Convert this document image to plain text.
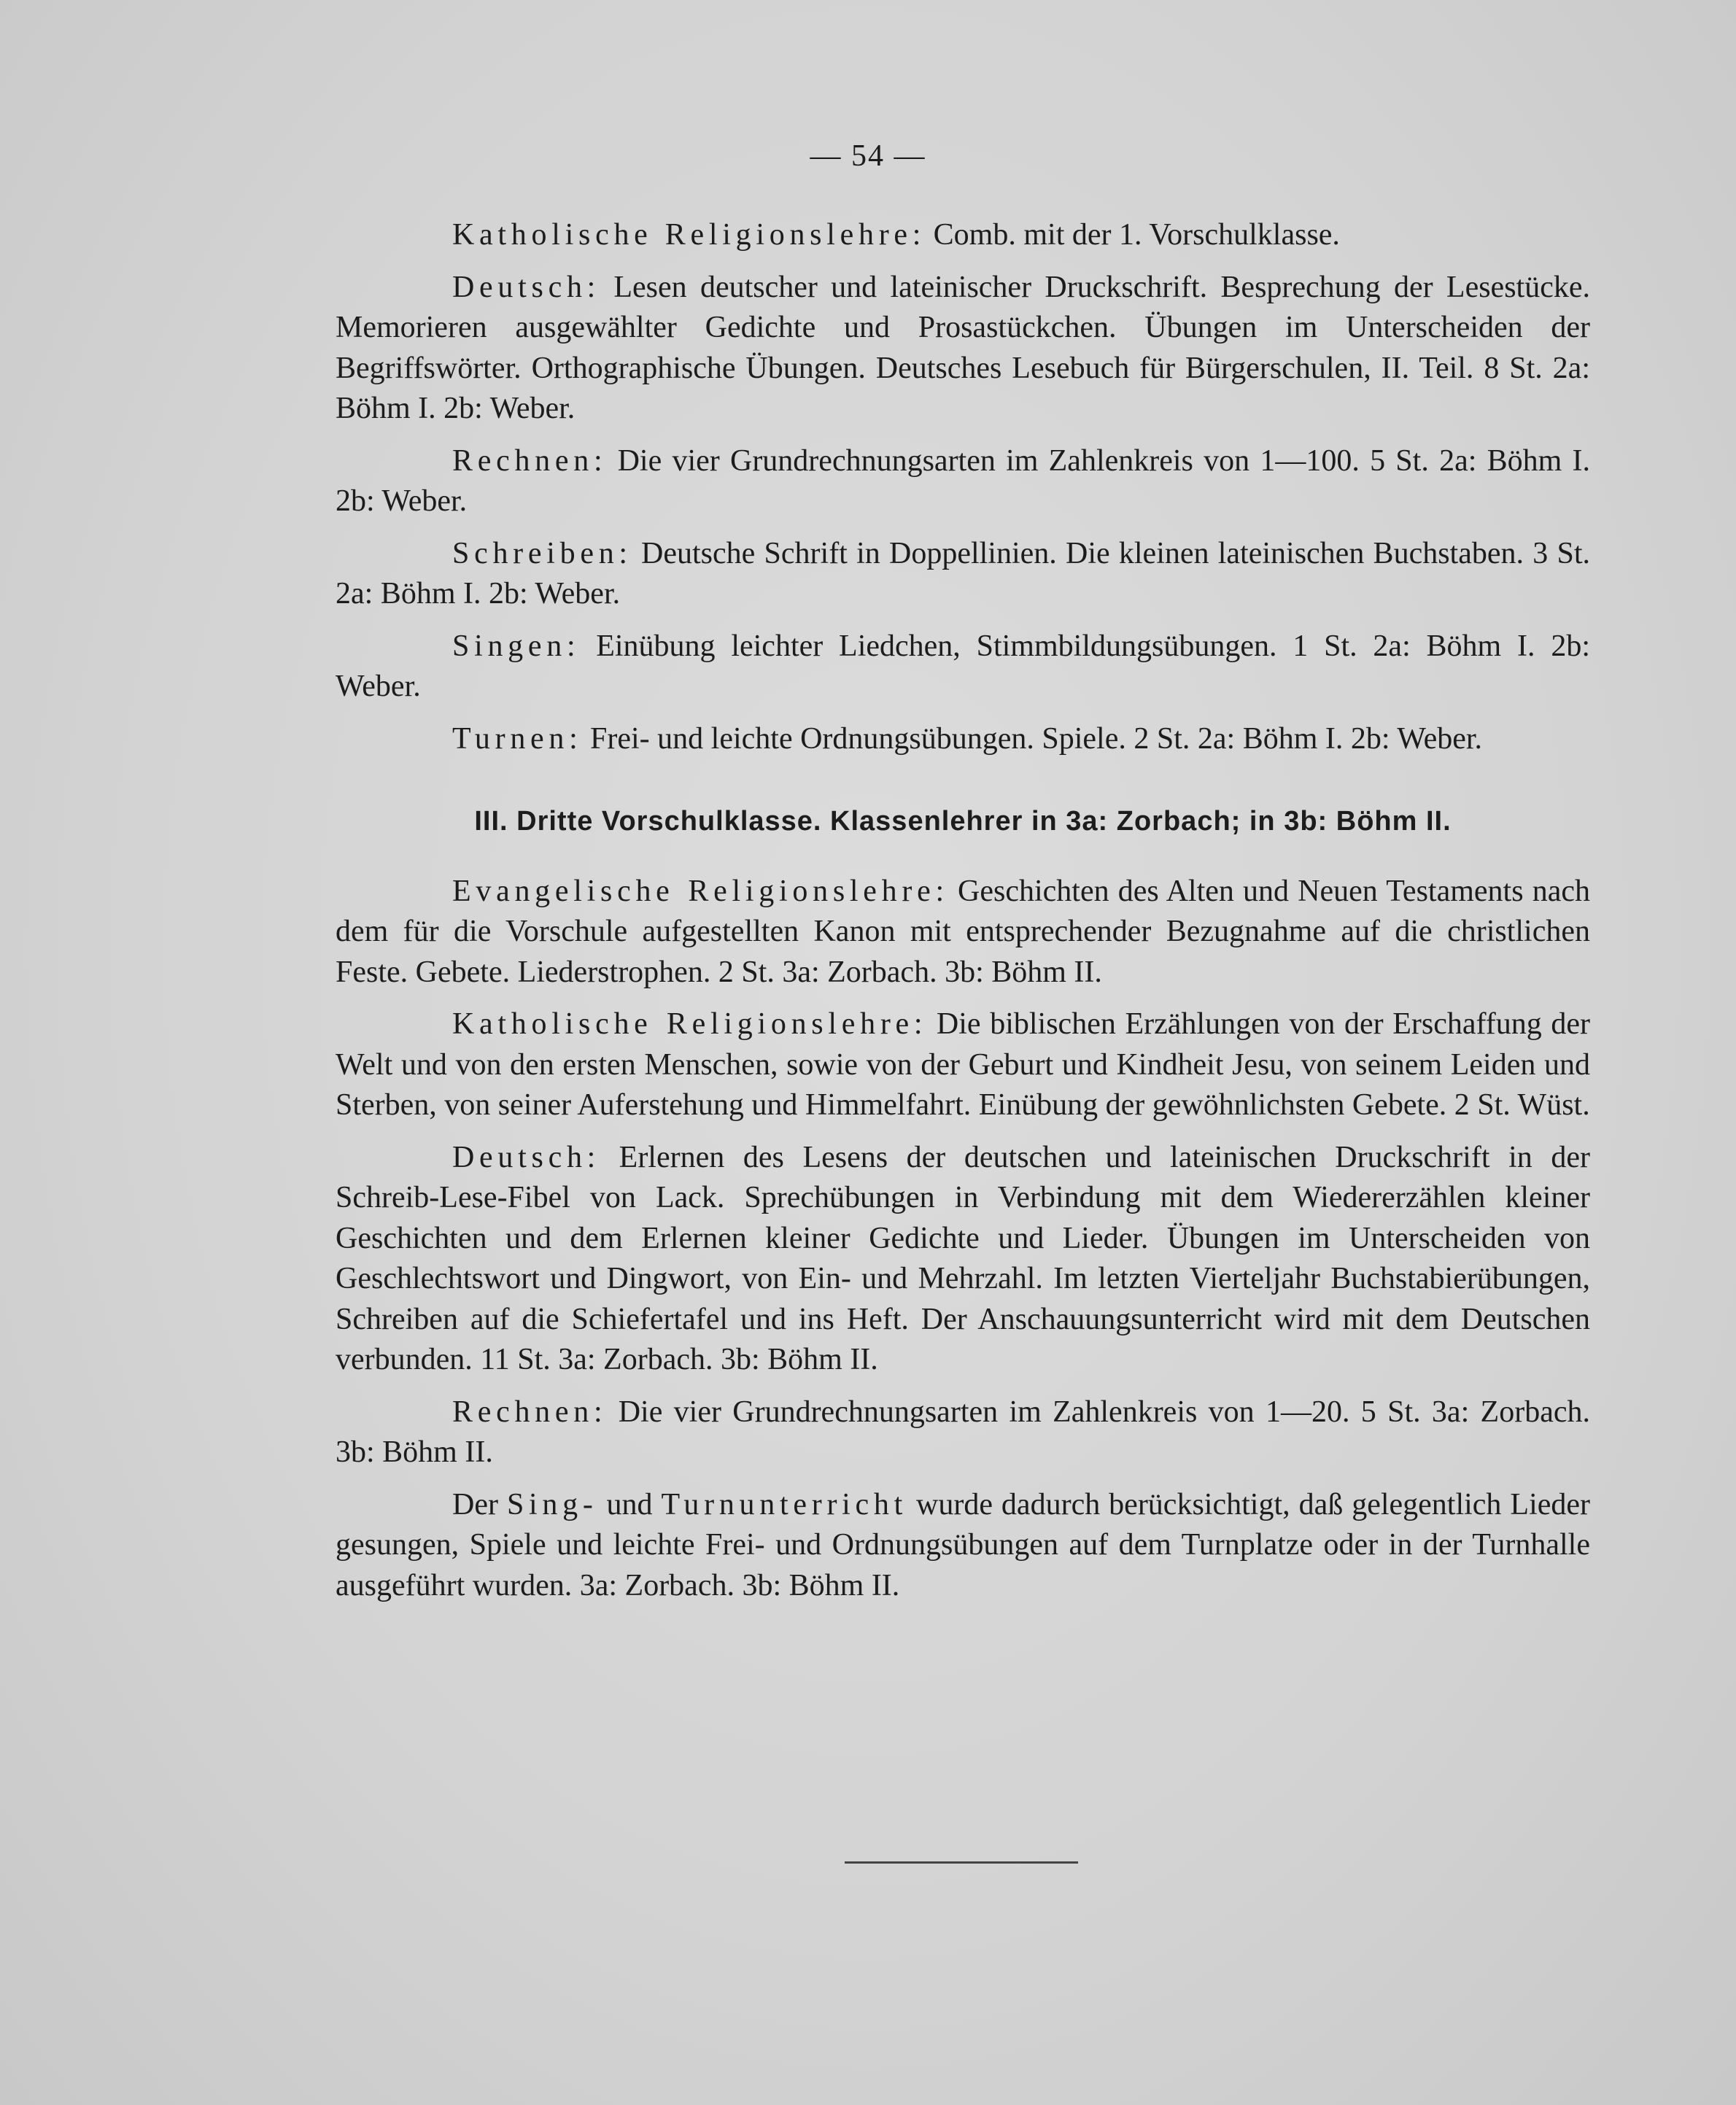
— 54 —

Katholische Religionslehre: Comb. mit der 1. Vorschulklasse.

Deutsch: Lesen deutscher und lateinischer Druckschrift. Besprechung der Lesestücke. Memorieren ausgewählter Gedichte und Prosastückchen. Übungen im Unterscheiden der Begriffswörter. Orthographische Übungen. Deutsches Lesebuch für Bürgerschulen, II. Teil. 8 St. 2a: Böhm I. 2b: Weber.

Rechnen: Die vier Grundrechnungsarten im Zahlenkreis von 1—100. 5 St. 2a: Böhm I. 2b: Weber.

Schreiben: Deutsche Schrift in Doppellinien. Die kleinen lateinischen Buchstaben. 3 St. 2a: Böhm I. 2b: Weber.

Singen: Einübung leichter Liedchen, Stimmbildungsübungen. 1 St. 2a: Böhm I. 2b: Weber.

Turnen: Frei- und leichte Ordnungsübungen. Spiele. 2 St. 2a: Böhm I. 2b: Weber.

III. Dritte Vorschulklasse. Klassenlehrer in 3a: Zorbach; in 3b: Böhm II.

Evangelische Religionslehre: Geschichten des Alten und Neuen Testaments nach dem für die Vorschule aufgestellten Kanon mit entsprechender Bezugnahme auf die christlichen Feste. Gebete. Liederstrophen. 2 St. 3a: Zorbach. 3b: Böhm II.

Katholische Religionslehre: Die biblischen Erzählungen von der Erschaffung der Welt und von den ersten Menschen, sowie von der Geburt und Kindheit Jesu, von seinem Leiden und Sterben, von seiner Auferstehung und Himmelfahrt. Einübung der gewöhnlichsten Gebete. 2 St. Wüst.

Deutsch: Erlernen des Lesens der deutschen und lateinischen Druckschrift in der Schreib-Lese-Fibel von Lack. Sprechübungen in Verbindung mit dem Wiedererzählen kleiner Geschichten und dem Erlernen kleiner Gedichte und Lieder. Übungen im Unterscheiden von Geschlechtswort und Dingwort, von Ein- und Mehrzahl. Im letzten Vierteljahr Buchstabierübungen, Schreiben auf die Schiefertafel und ins Heft. Der Anschauungsunterricht wird mit dem Deutschen verbunden. 11 St. 3a: Zorbach. 3b: Böhm II.

Rechnen: Die vier Grundrechnungsarten im Zahlenkreis von 1—20. 5 St. 3a: Zorbach. 3b: Böhm II.

Der Sing- und Turnunterricht wurde dadurch berücksichtigt, daß gelegentlich Lieder gesungen, Spiele und leichte Frei- und Ordnungsübungen auf dem Turnplatze oder in der Turnhalle ausgeführt wurden. 3a: Zorbach. 3b: Böhm II.
